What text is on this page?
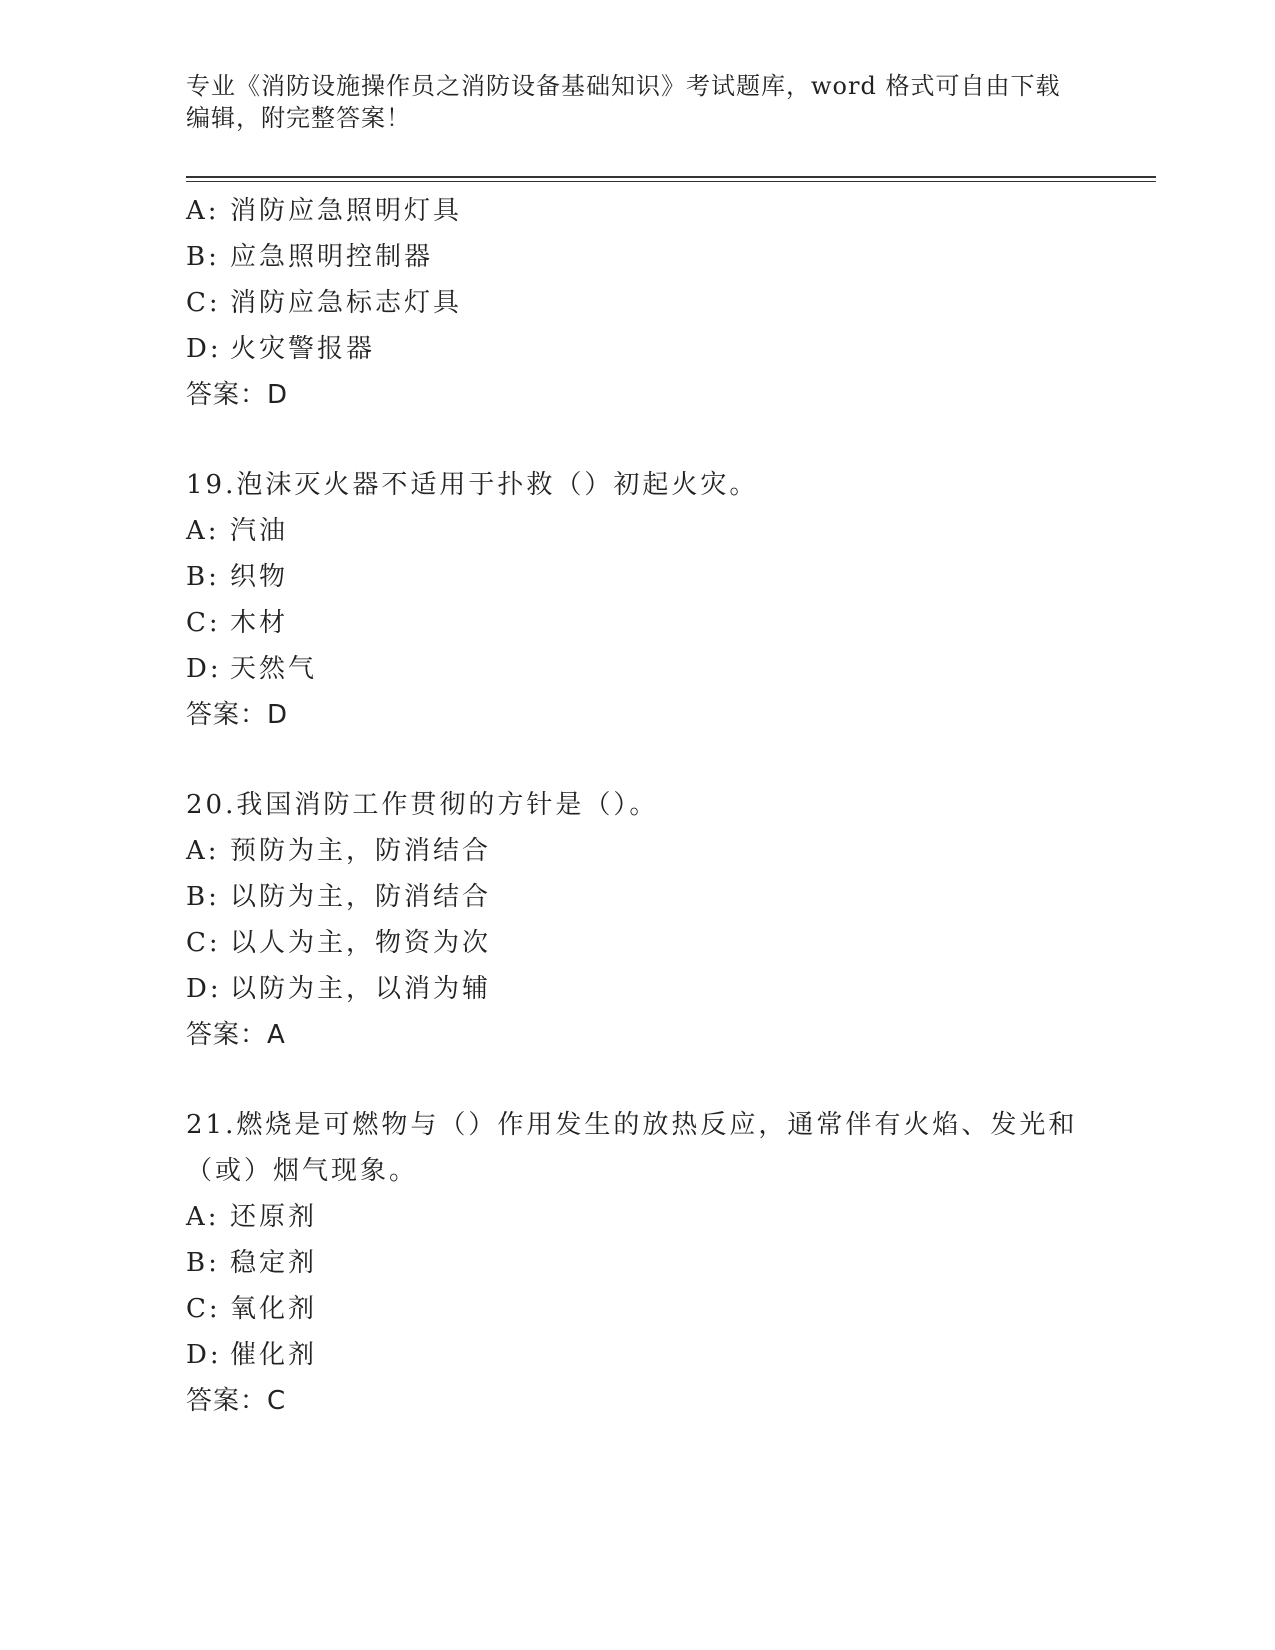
专业《消防设施操作员之消防设备基础知识》考试题库，word 格式可自由下载编辑，附完整答案！
A: 消防应急照明灯具
B: 应急照明控制器
C: 消防应急标志灯具
D: 火灾警报器
答案：D
19.泡沫灭火器不适用于扑救（）初起火灾。
A: 汽油
B: 织物
C: 木材
D: 天然气
答案：D
20.我国消防工作贯彻的方针是（）。
A: 预防为主，防消结合
B: 以防为主，防消结合
C: 以人为主，物资为次
D: 以防为主，以消为辅
答案：A
21.燃烧是可燃物与（）作用发生的放热反应，通常伴有火焰、发光和（或）烟气现象。
A: 还原剂
B: 稳定剂
C: 氧化剂
D: 催化剂
答案：C
